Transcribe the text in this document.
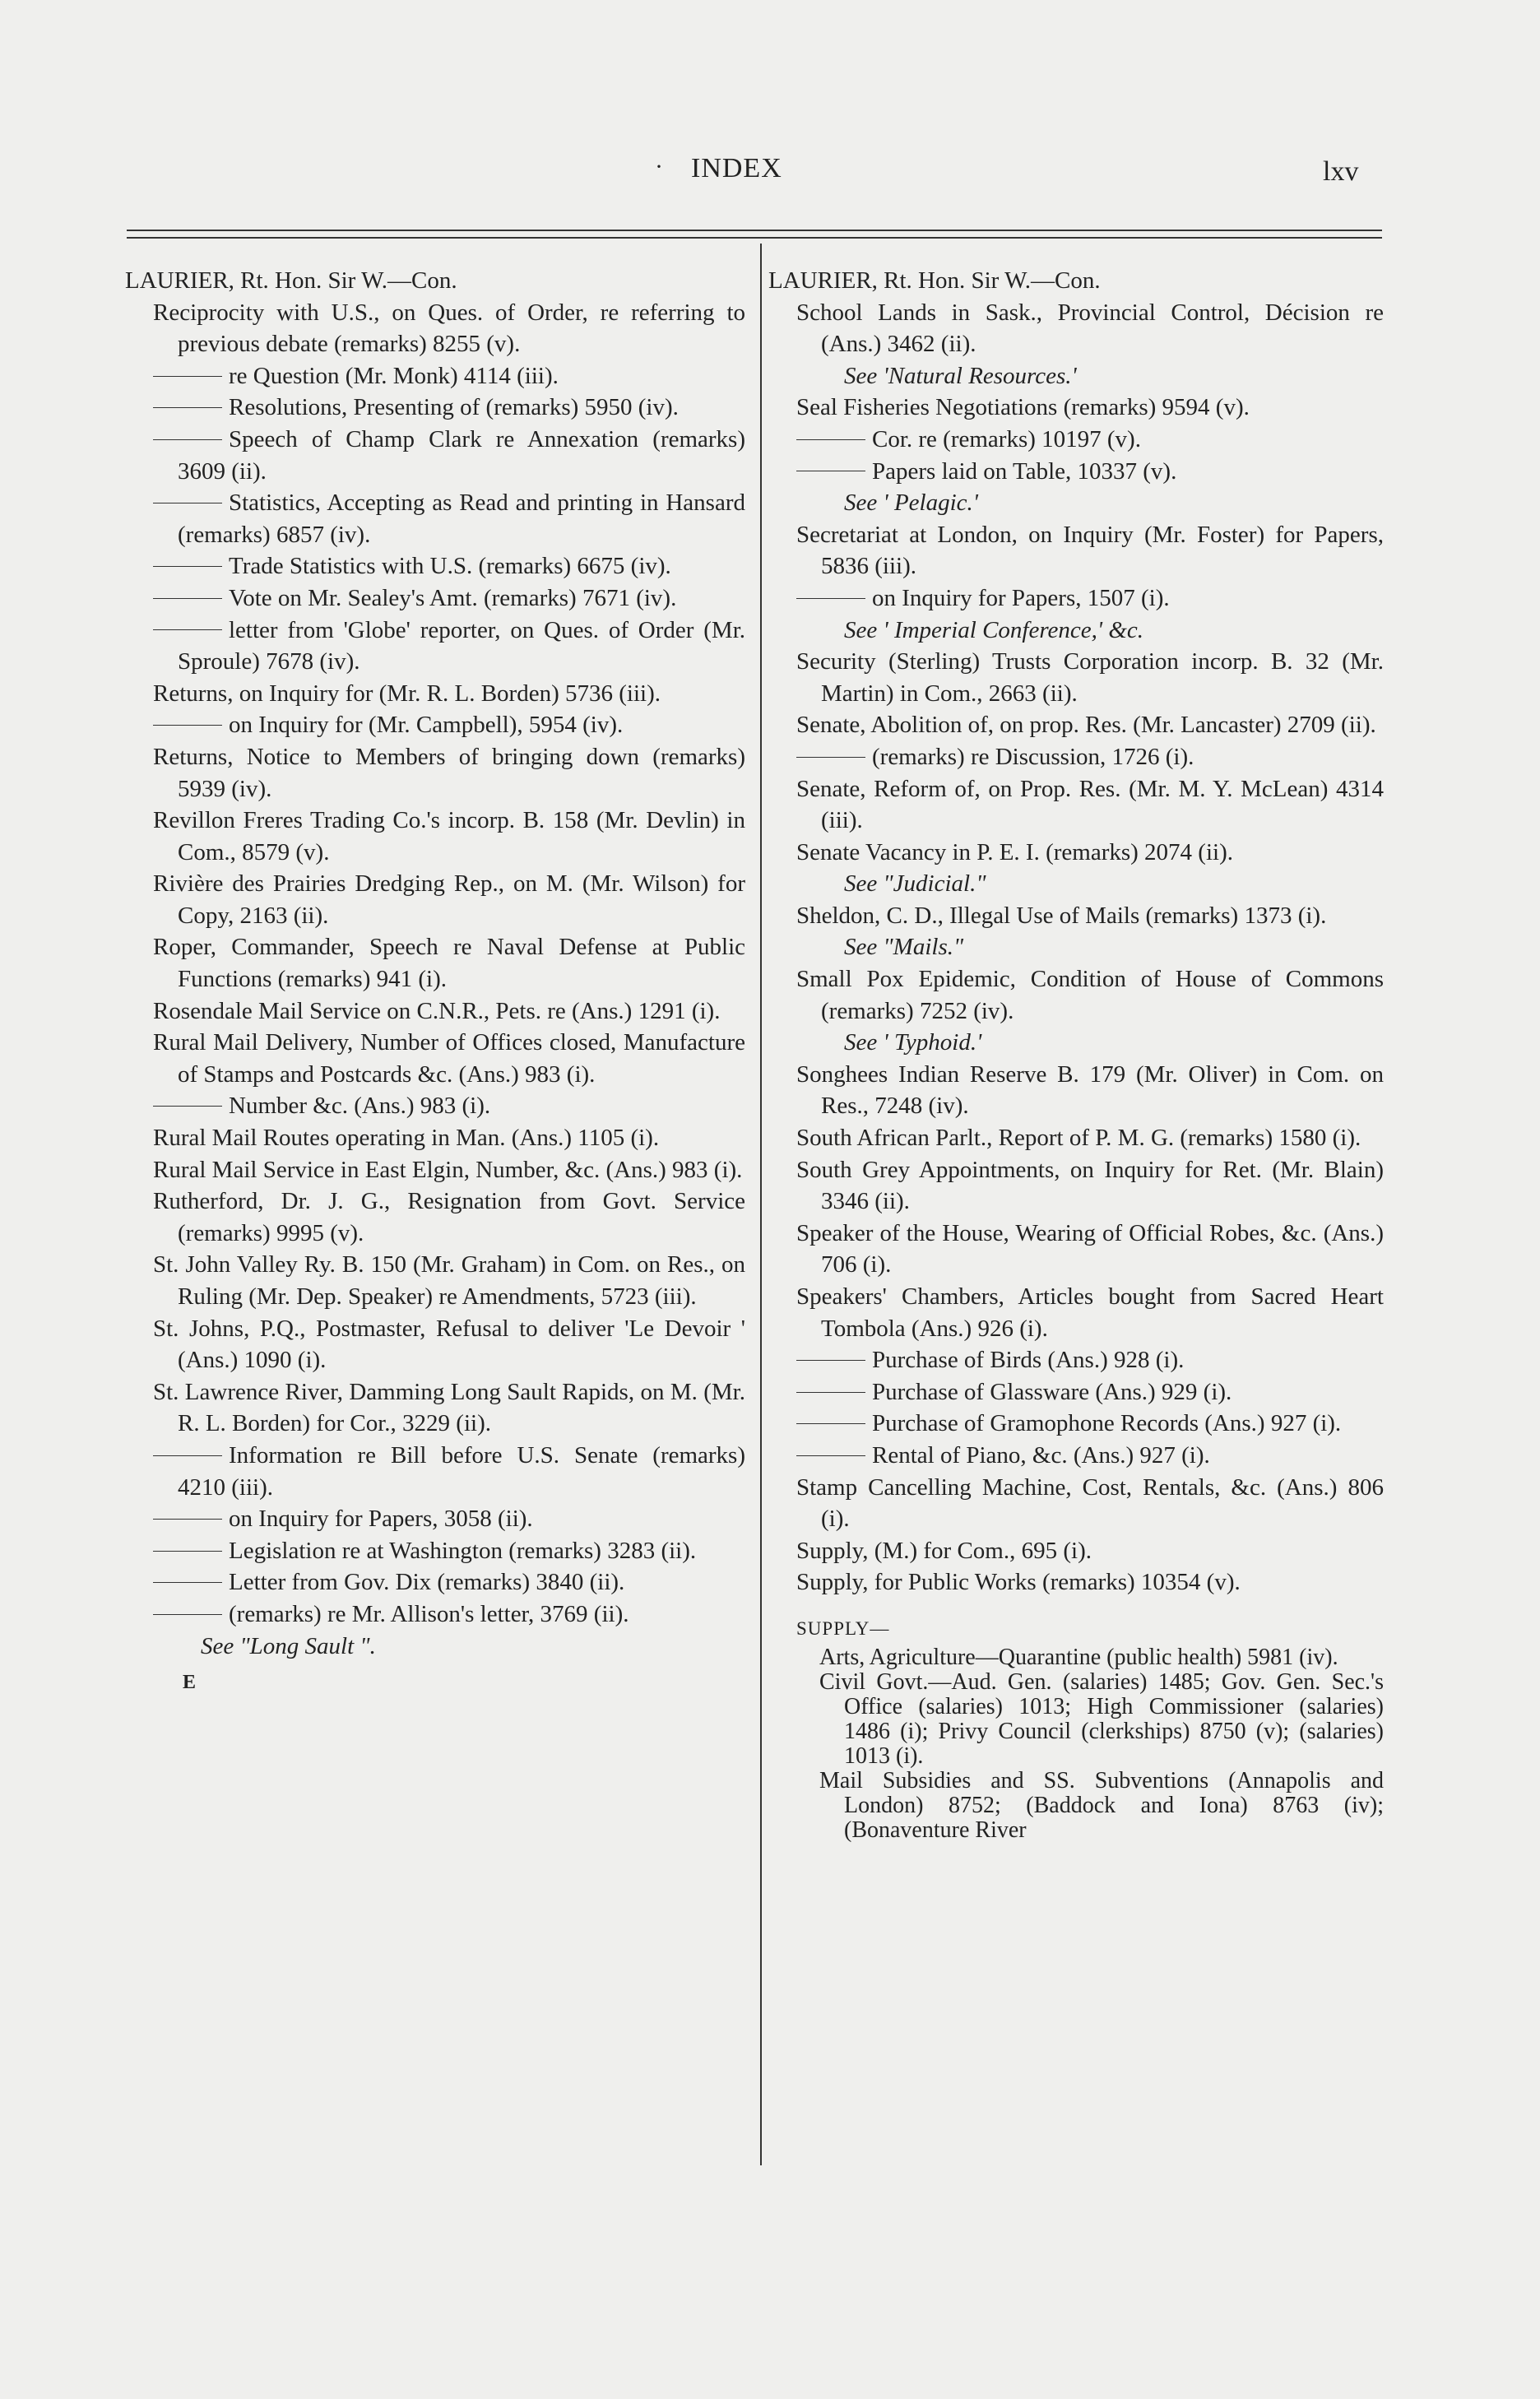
· INDEX	lxv

LAURIER, Rt. Hon. Sir W.—Con.

Reciprocity with U.S., on Ques. of Order, re referring to previous debate (remarks) 8255 (v).

re Question (Mr. Monk) 4114 (iii).

Resolutions, Presenting of (remarks) 5950 (iv).

Speech of Champ Clark re Annexation (remarks) 3609 (ii).

Statistics, Accepting as Read and printing in Hansard (remarks) 6857 (iv).

Trade Statistics with U.S. (remarks) 6675 (iv).

Vote on Mr. Sealey's Amt. (remarks) 7671 (iv).

letter from 'Globe' reporter, on Ques. of Order (Mr. Sproule) 7678 (iv).

Returns, on Inquiry for (Mr. R. L. Borden) 5736 (iii).

on Inquiry for (Mr. Campbell), 5954 (iv).

Returns, Notice to Members of bringing down (remarks) 5939 (iv).

Revillon Freres Trading Co.'s incorp. B. 158 (Mr. Devlin) in Com., 8579 (v).

Rivière des Prairies Dredging Rep., on M. (Mr. Wilson) for Copy, 2163 (ii).

Roper, Commander, Speech re Naval Defense at Public Functions (remarks) 941 (i).

Rosendale Mail Service on C.N.R., Pets. re (Ans.) 1291 (i).

Rural Mail Delivery, Number of Offices closed, Manufacture of Stamps and Postcards &c. (Ans.) 983 (i).

Number &c. (Ans.) 983 (i).

Rural Mail Routes operating in Man. (Ans.) 1105 (i).

Rural Mail Service in East Elgin, Number, &c. (Ans.) 983 (i).

Rutherford, Dr. J. G., Resignation from Govt. Service (remarks) 9995 (v).

St. John Valley Ry. B. 150 (Mr. Graham) in Com. on Res., on Ruling (Mr. Dep. Speaker) re Amendments, 5723 (iii).

St. Johns, P.Q., Postmaster, Refusal to deliver 'Le Devoir ' (Ans.) 1090 (i).

St. Lawrence River, Damming Long Sault Rapids, on M. (Mr. R. L. Borden) for Cor., 3229 (ii).

Information re Bill before U.S. Senate (remarks) 4210 (iii).

on Inquiry for Papers, 3058 (ii).

Legislation re at Washington (remarks) 3283 (ii).

Letter from Gov. Dix (remarks) 3840 (ii).

(remarks) re Mr. Allison's letter, 3769 (ii).

See "Long Sault ".

E

LAURIER, Rt. Hon. Sir W.—Con.

School Lands in Sask., Provincial Control, Décision re (Ans.) 3462 (ii).

See 'Natural Resources.'

Seal Fisheries Negotiations (remarks) 9594 (v).

Cor. re (remarks) 10197 (v).

Papers laid on Table, 10337 (v).

See ' Pelagic.'

Secretariat at London, on Inquiry (Mr. Foster) for Papers, 5836 (iii).

on Inquiry for Papers, 1507 (i).

See ' Imperial Conference,' &c.

Security (Sterling) Trusts Corporation incorp. B. 32 (Mr. Martin) in Com., 2663 (ii).

Senate, Abolition of, on prop. Res. (Mr. Lancaster) 2709 (ii).

(remarks) re Discussion, 1726 (i).

Senate, Reform of, on Prop. Res. (Mr. M. Y. McLean) 4314 (iii).

Senate Vacancy in P. E. I. (remarks) 2074 (ii).

See "Judicial."

Sheldon, C. D., Illegal Use of Mails (remarks) 1373 (i).

See "Mails."

Small Pox Epidemic, Condition of House of Commons (remarks) 7252 (iv).

See ' Typhoid.'

Songhees Indian Reserve B. 179 (Mr. Oliver) in Com. on Res., 7248 (iv).

South African Parlt., Report of P. M. G. (remarks) 1580 (i).

South Grey Appointments, on Inquiry for Ret. (Mr. Blain) 3346 (ii).

Speaker of the House, Wearing of Official Robes, &c. (Ans.) 706 (i).

Speakers' Chambers, Articles bought from Sacred Heart Tombola (Ans.) 926 (i).

Purchase of Birds (Ans.) 928 (i).

Purchase of Glassware (Ans.) 929 (i).

Purchase of Gramophone Records (Ans.) 927 (i).

Rental of Piano, &c. (Ans.) 927 (i).

Stamp Cancelling Machine, Cost, Rentals, &c. (Ans.) 806 (i).

Supply, (M.) for Com., 695 (i).

Supply, for Public Works (remarks) 10354 (v).

SUPPLY—

Arts, Agriculture—Quarantine (public health) 5981 (iv).

Civil Govt.—Aud. Gen. (salaries) 1485; Gov. Gen. Sec.'s Office (salaries) 1013; High Commissioner (salaries) 1486 (i); Privy Council (clerkships) 8750 (v); (salaries) 1013 (i).

Mail Subsidies and SS. Subventions (Annapolis and London) 8752; (Baddock and Iona) 8763 (iv); (Bonaventure River
